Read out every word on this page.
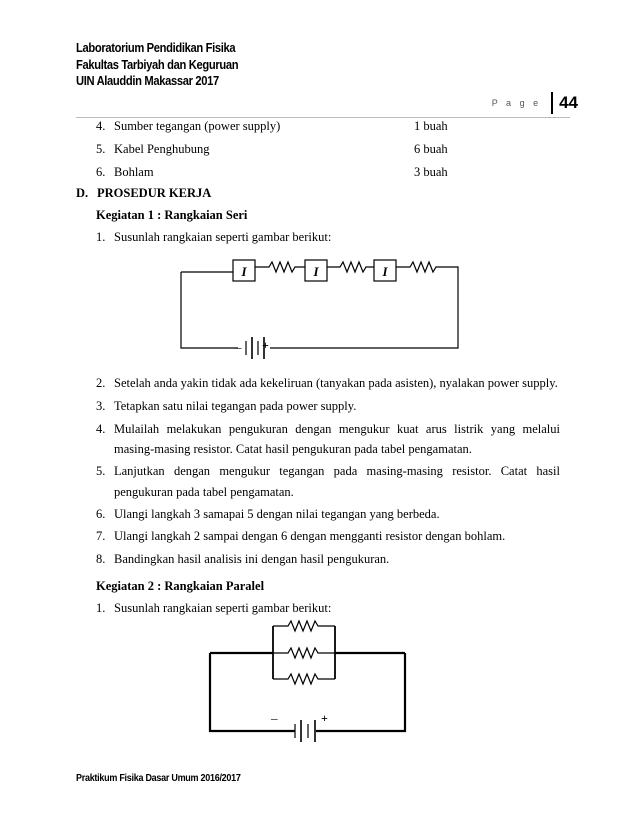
Laboratorium Pendidikan Fisika
Fakultas Tarbiyah dan Keguruan
UIN Alauddin Makassar 2017
P a g e 44
4. Sumber tegangan (power supply)	1 buah
5. Kabel Penghubung	6 buah
6. Bohlam	3 buah
D. PROSEDUR KERJA
Kegiatan 1 : Rangkaian Seri
1. Susunlah rangkaian seperti gambar berikut:
I	I	I
_ +
2. Setelah anda yakin tidak ada kekeliruan (tanyakan pada asisten), nyalakan power supply.
3. Tetapkan satu nilai tegangan pada power supply.
4. Mulailah melakukan pengukuran dengan mengukur kuat arus listrik yang melalui
masing-masing resistor. Catat hasil pengukuran pada tabel pengamatan.
5. Lanjutkan dengan mengukur tegangan pada masing-masing resistor. Catat hasil
pengukuran pada tabel pengamatan.
6. Ulangi langkah 3 samapai 5 dengan nilai tegangan yang berbeda.
7. Ulangi langkah 2 sampai dengan 6 dengan mengganti resistor dengan bohlam.
8. Bandingkan hasil analisis ini dengan hasil pengukuran.
Kegiatan 2 : Rangkaian Paralel
1. Susunlah rangkaian seperti gambar berikut:
_	+
Praktikum Fisika Dasar Umum 2016/2017
